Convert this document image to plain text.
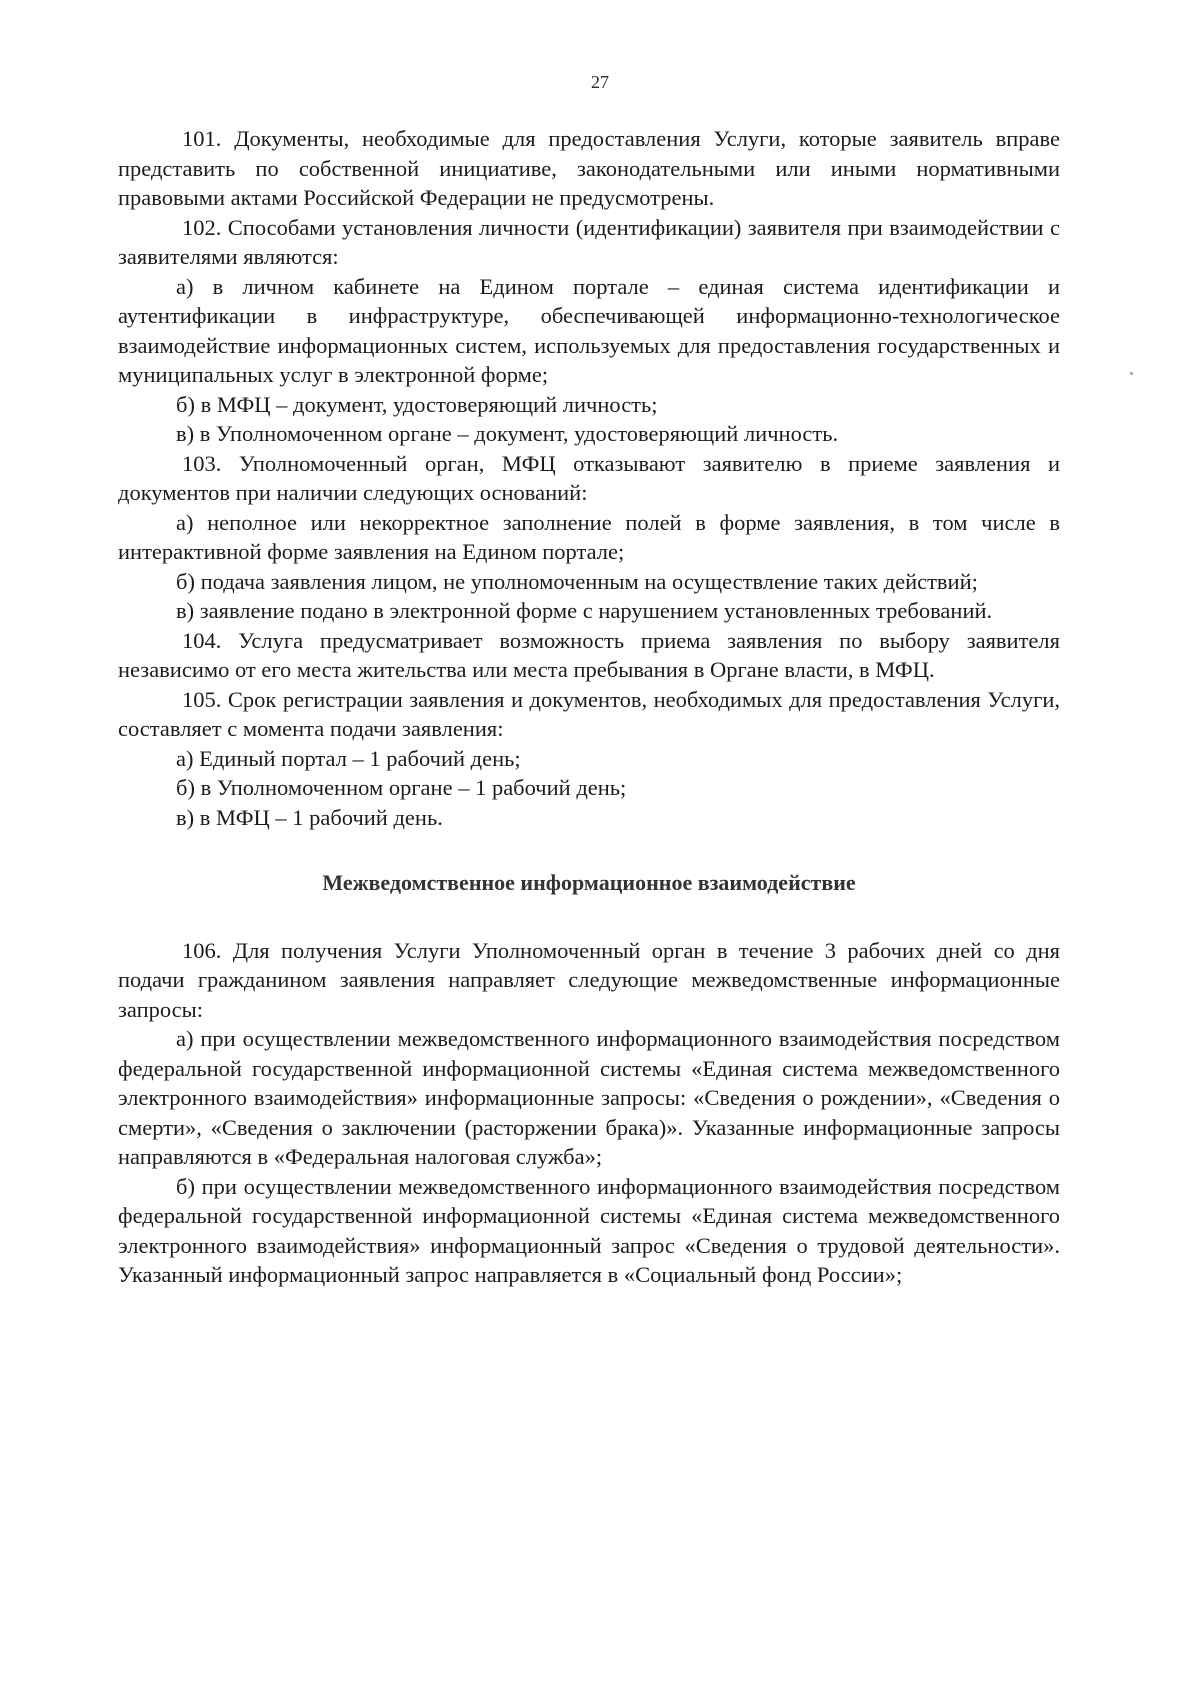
27

101. Документы, необходимые для предоставления Услуги, которые заявитель вправе представить по собственной инициативе, законодательными или иными нормативными правовыми актами Российской Федерации не предусмотрены.

102. Способами установления личности (идентификации) заявителя при взаимодействии с заявителями являются:

а) в личном кабинете на Едином портале – единая система идентификации и аутентификации в инфраструктуре, обеспечивающей информационно-технологическое взаимодействие информационных систем, используемых для предоставления государственных и муниципальных услуг в электронной форме;

б) в МФЦ – документ, удостоверяющий личность;

в) в Уполномоченном органе – документ, удостоверяющий личность.

103. Уполномоченный орган, МФЦ отказывают заявителю в приеме заявления и документов при наличии следующих оснований:

а) неполное или некорректное заполнение полей в форме заявления, в том числе в интерактивной форме заявления на Едином портале;

б) подача заявления лицом, не уполномоченным на осуществление таких действий;

в) заявление подано в электронной форме с нарушением установленных требований.

104. Услуга предусматривает возможность приема заявления по выбору заявителя независимо от его места жительства или места пребывания в Органе власти, в МФЦ.

105. Срок регистрации заявления и документов, необходимых для предоставления Услуги, составляет с момента подачи заявления:

а) Единый портал – 1 рабочий день;

б) в Уполномоченном органе – 1 рабочий день;

в) в МФЦ – 1 рабочий день.

Межведомственное информационное взаимодействие

106. Для получения Услуги Уполномоченный орган в течение 3 рабочих дней со дня подачи гражданином заявления направляет следующие межведомственные информационные запросы:

а) при осуществлении межведомственного информационного взаимодействия посредством федеральной государственной информационной системы «Единая система межведомственного электронного взаимодействия» информационные запросы: «Сведения о рождении», «Сведения о смерти», «Сведения о заключении (расторжении брака)». Указанные информационные запросы направляются в «Федеральная налоговая служба»;

б) при осуществлении межведомственного информационного взаимодействия посредством федеральной государственной информационной системы «Единая система межведомственного электронного взаимодействия» информационный запрос «Сведения о трудовой деятельности». Указанный информационный запрос направляется в «Социальный фонд России»;
